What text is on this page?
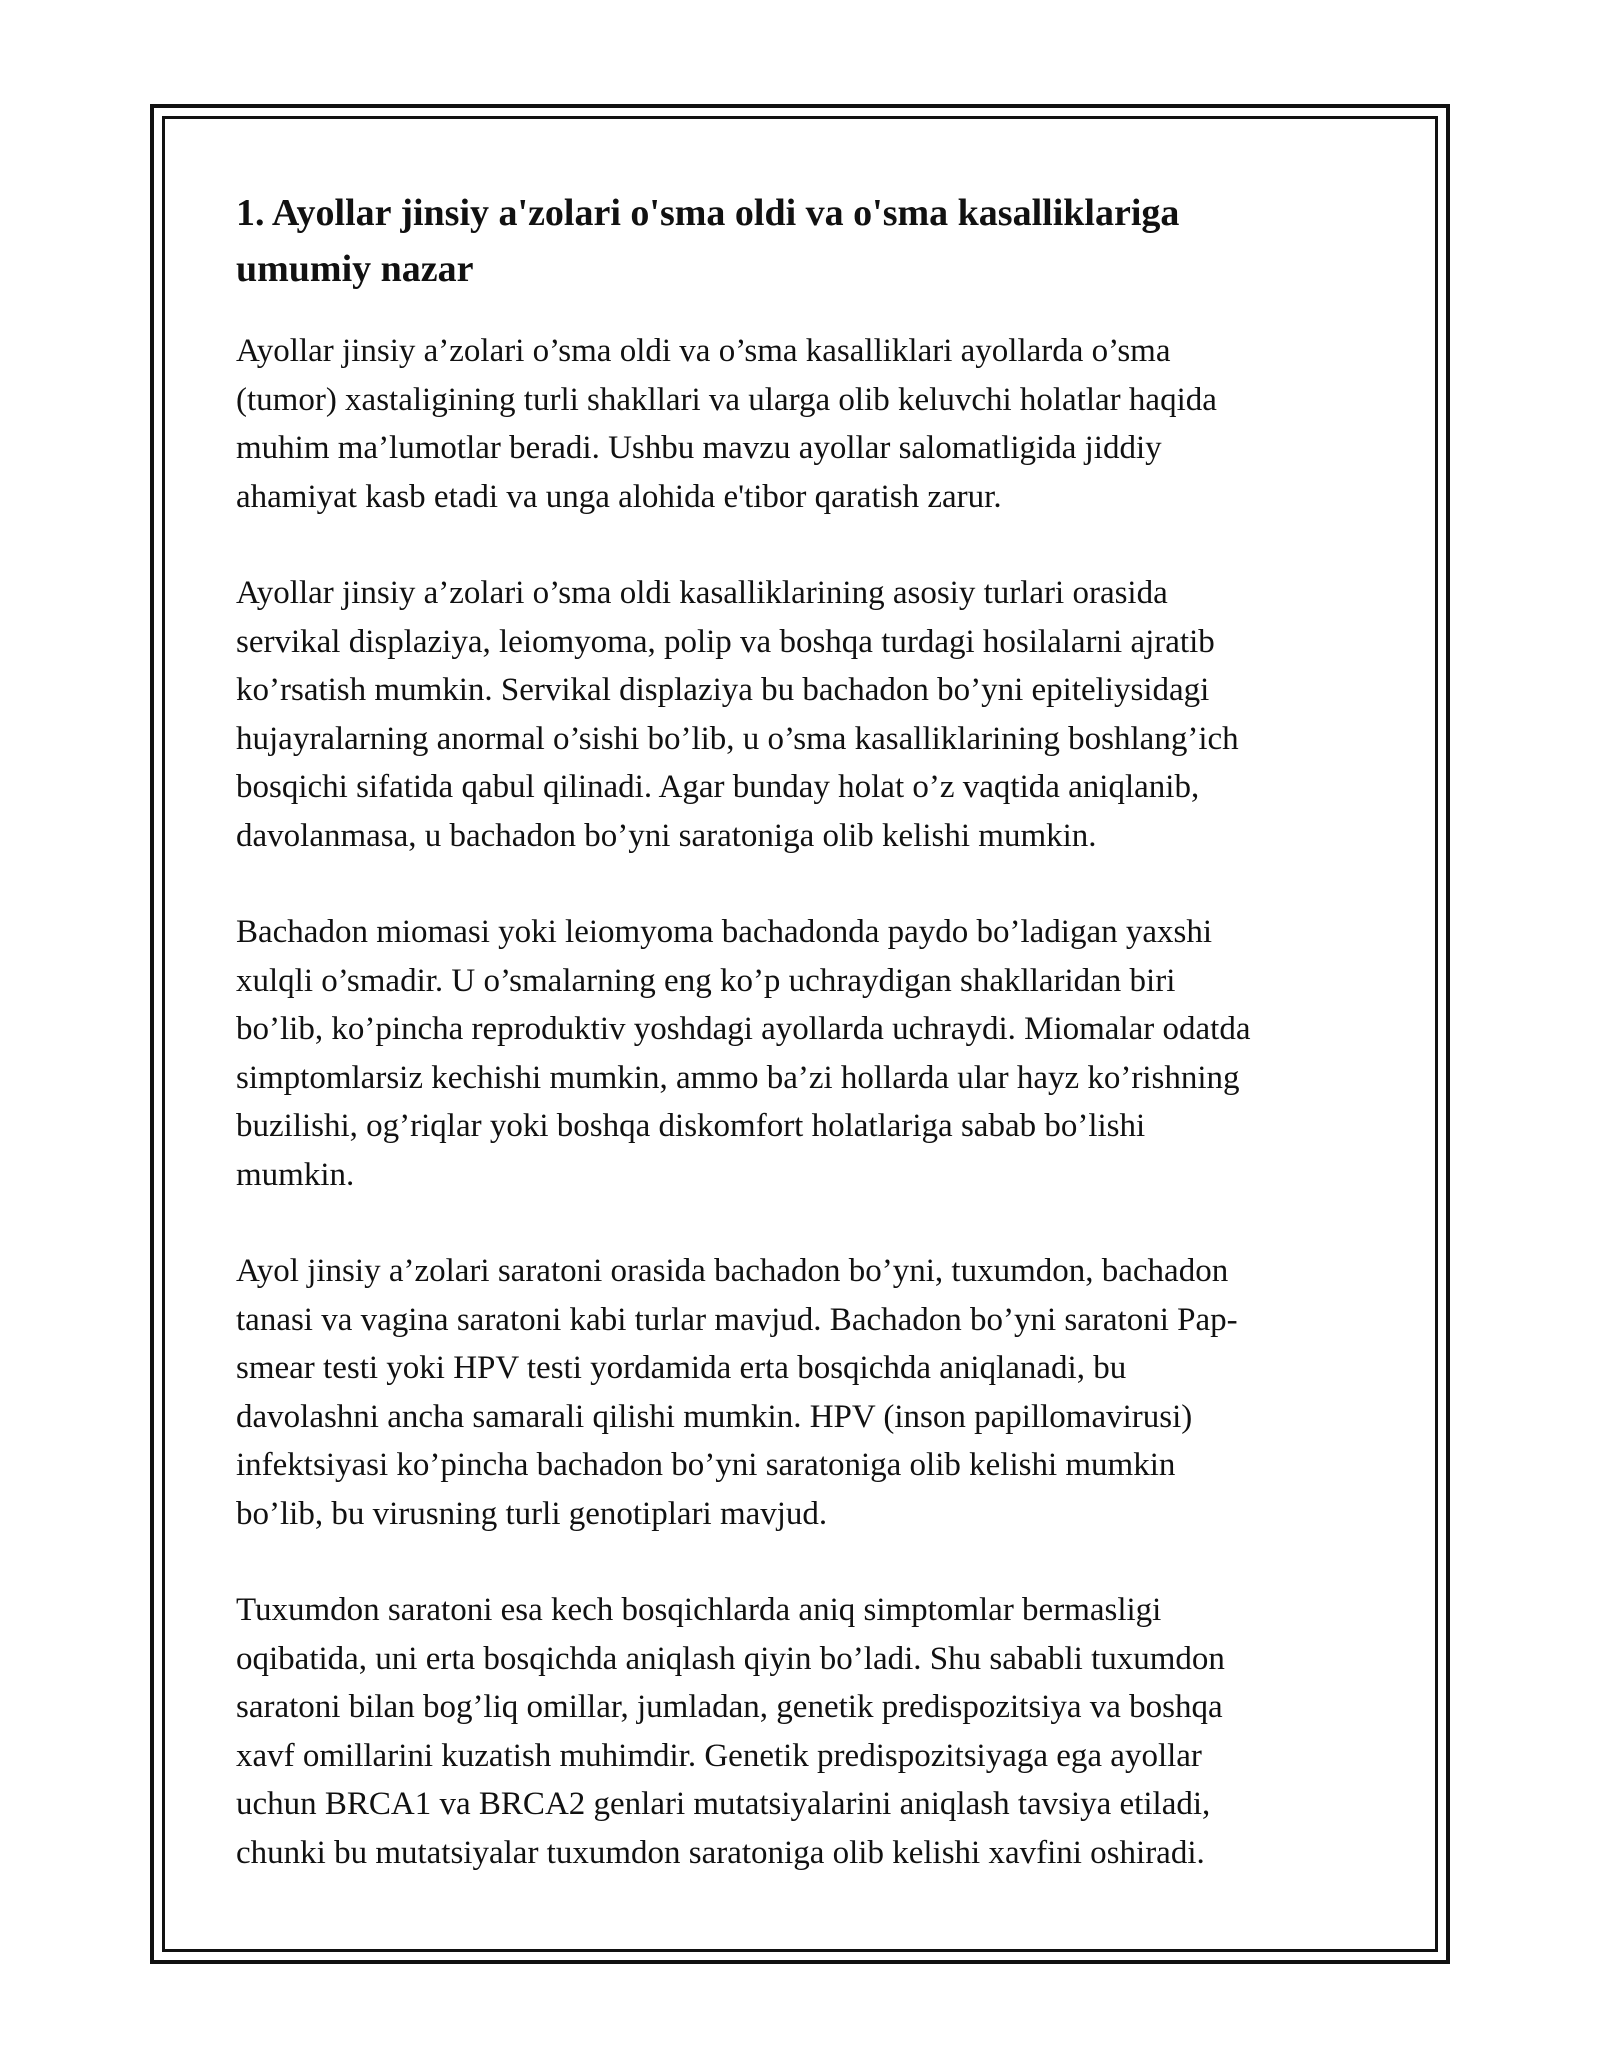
1. Ayollar jinsiy a'zolari o'sma oldi va o'sma kasalliklariga
umumiy nazar

Ayollar jinsiy a’zolari o’sma oldi va o’sma kasalliklari ayollarda o’sma
(tumor) xastaligining turli shakllari va ularga olib keluvchi holatlar haqida
muhim ma’lumotlar beradi. Ushbu mavzu ayollar salomatligida jiddiy
ahamiyat kasb etadi va unga alohida e'tibor qaratish zarur.

Ayollar jinsiy a’zolari o’sma oldi kasalliklarining asosiy turlari orasida
servikal displaziya, leiomyoma, polip va boshqa turdagi hosilalarni ajratib
ko’rsatish mumkin. Servikal displaziya bu bachadon bo’yni epiteliysidagi
hujayralarning anormal o’sishi bo’lib, u o’sma kasalliklarining boshlang’ich
bosqichi sifatida qabul qilinadi. Agar bunday holat o’z vaqtida aniqlanib,
davolanmasa, u bachadon bo’yni saratoniga olib kelishi mumkin.

Bachadon miomasi yoki leiomyoma bachadonda paydo bo’ladigan yaxshi
xulqli o’smadir. U o’smalarning eng ko’p uchraydigan shakllaridan biri
bo’lib, ko’pincha reproduktiv yoshdagi ayollarda uchraydi. Miomalar odatda
simptomlarsiz kechishi mumkin, ammo ba’zi hollarda ular hayz ko’rishning
buzilishi, og’riqlar yoki boshqa diskomfort holatlariga sabab bo’lishi
mumkin.

Ayol jinsiy a’zolari saratoni orasida bachadon bo’yni, tuxumdon, bachadon
tanasi va vagina saratoni kabi turlar mavjud. Bachadon bo’yni saratoni Pap-
smear testi yoki HPV testi yordamida erta bosqichda aniqlanadi, bu
davolashni ancha samarali qilishi mumkin. HPV (inson papillomavirusi)
infektsiyasi ko’pincha bachadon bo’yni saratoniga olib kelishi mumkin
bo’lib, bu virusning turli genotiplari mavjud.

Tuxumdon saratoni esa kech bosqichlarda aniq simptomlar bermasligi
oqibatida, uni erta bosqichda aniqlash qiyin bo’ladi. Shu sababli tuxumdon
saratoni bilan bog’liq omillar, jumladan, genetik predispozitsiya va boshqa
xavf omillarini kuzatish muhimdir. Genetik predispozitsiyaga ega ayollar
uchun BRCA1 va BRCA2 genlari mutatsiyalarini aniqlash tavsiya etiladi,
chunki bu mutatsiyalar tuxumdon saratoniga olib kelishi xavfini oshiradi.
